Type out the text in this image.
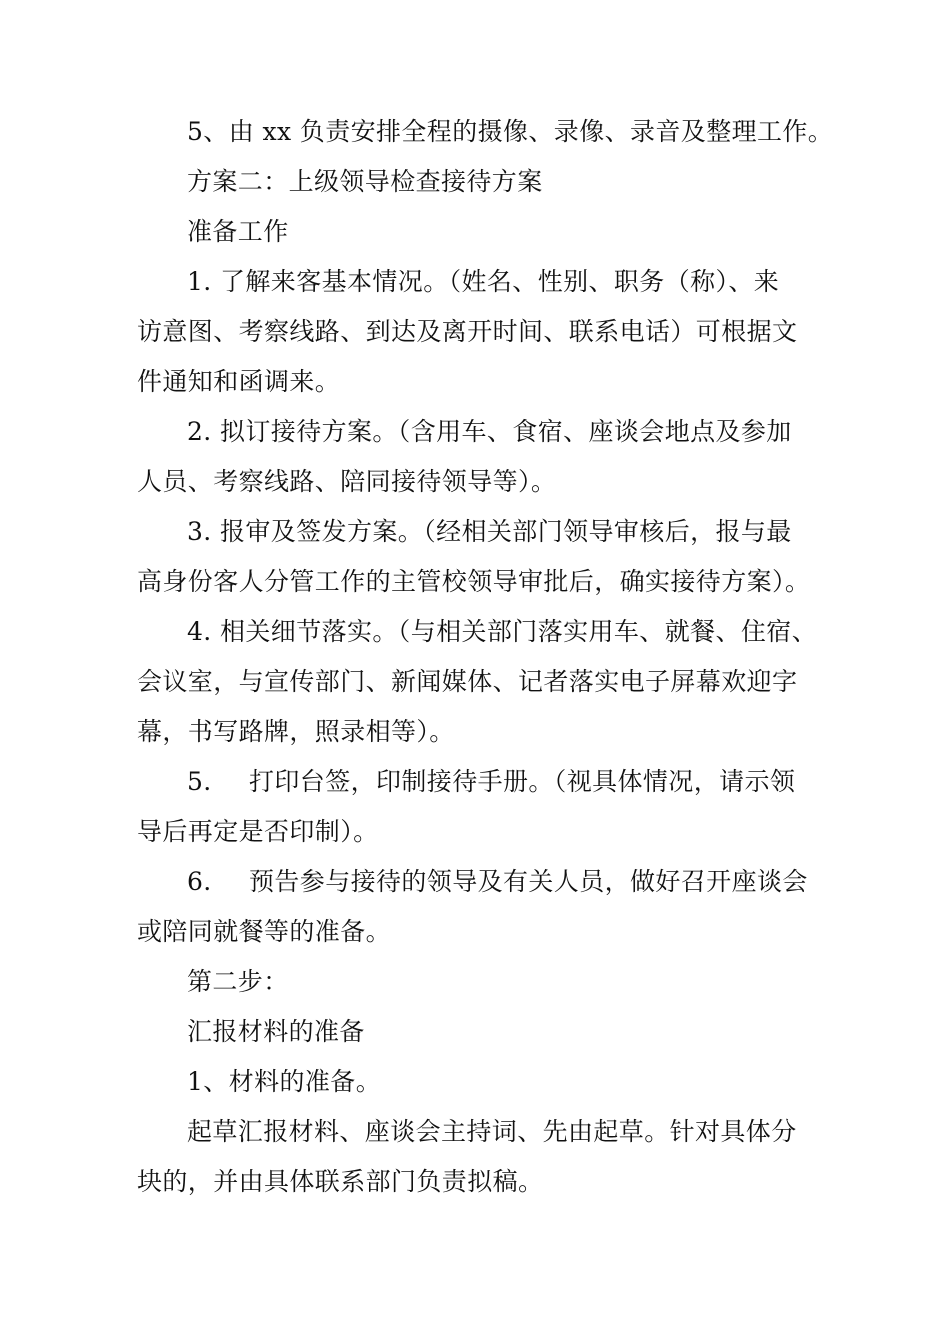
5、由 xx 负责安排全程的摄像、录像、录音及整理工作。
方案二：上级领导检查接待方案
准备工作
1. 了解来客基本情况。（姓名、性别、职务（称）、来
访意图、考察线路、到达及离开时间、联系电话）可根据文
件通知和函调来。
2. 拟订接待方案。（含用车、食宿、座谈会地点及参加
人员、考察线路、陪同接待领导等）。
3. 报审及签发方案。（经相关部门领导审核后，报与最
高身份客人分管工作的主管校领导审批后，确实接待方案）。
4. 相关细节落实。（与相关部门落实用车、就餐、住宿、
会议室，与宣传部门、新闻媒体、记者落实电子屏幕欢迎字
幕，书写路牌，照录相等）。
5. 打印台签，印制接待手册。（视具体情况，请示领
导后再定是否印制）。
6. 预告参与接待的领导及有关人员，做好召开座谈会
或陪同就餐等的准备。
第二步：
汇报材料的准备
1、材料的准备。
起草汇报材料、座谈会主持词、先由起草。针对具体分
块的，并由具体联系部门负责拟稿。
